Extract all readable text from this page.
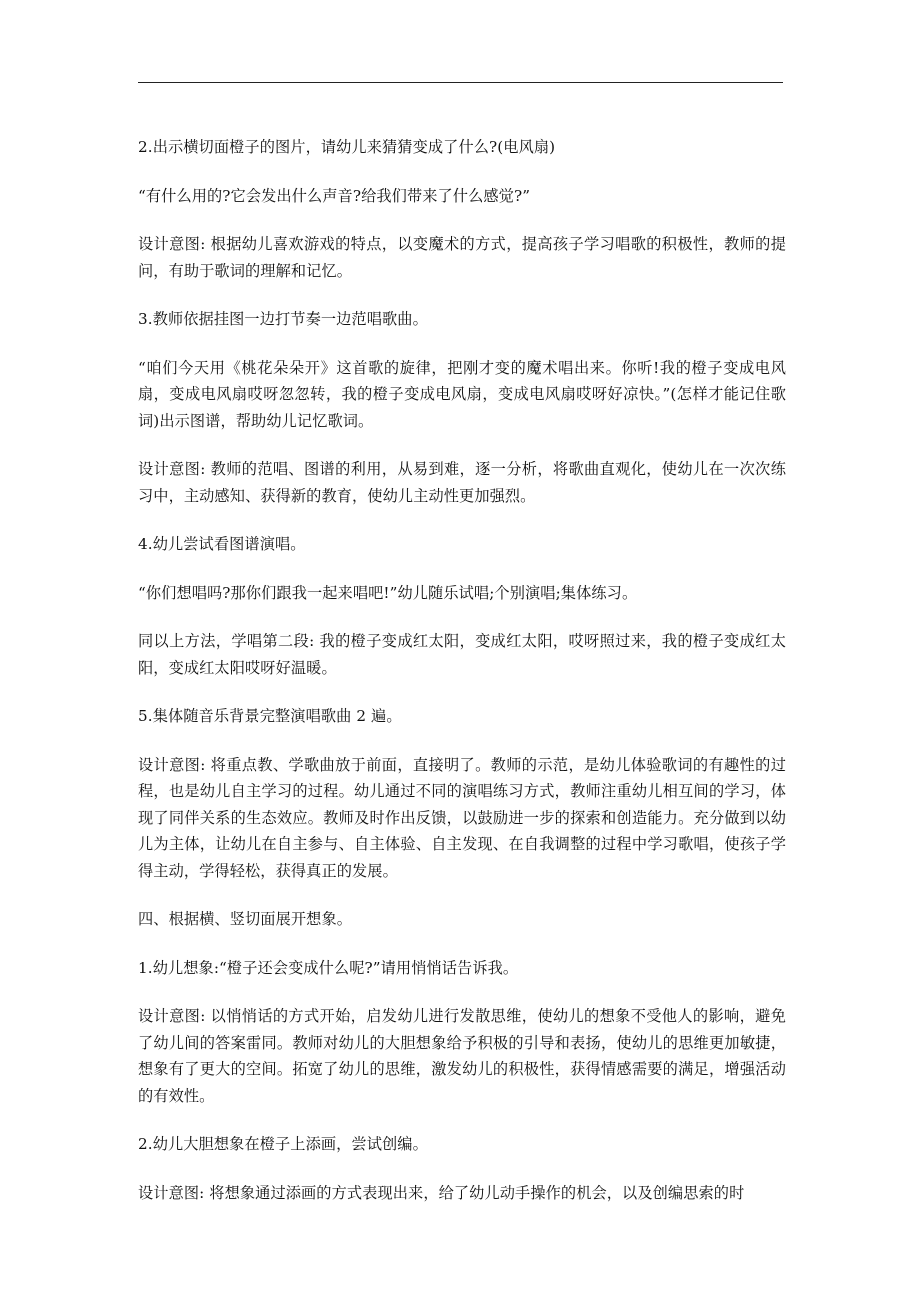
2.出示横切面橙子的图片，请幼儿来猜猜变成了什么?(电风扇)

“有什么用的?它会发出什么声音?给我们带来了什么感觉?”

设计意图: 根据幼儿喜欢游戏的特点，以变魔术的方式，提高孩子学习唱歌的积极性，教师的提问，有助于歌词的理解和记忆。

3.教师依据挂图一边打节奏一边范唱歌曲。

“咱们今天用《桃花朵朵开》这首歌的旋律，把刚才变的魔术唱出来。你听!我的橙子变成电风扇，变成电风扇哎呀忽忽转，我的橙子变成电风扇，变成电风扇哎呀好凉快。”(怎样才能记住歌词)出示图谱，帮助幼儿记忆歌词。

设计意图: 教师的范唱、图谱的利用，从易到难，逐一分析，将歌曲直观化，使幼儿在一次次练习中，主动感知、获得新的教育，使幼儿主动性更加强烈。

4.幼儿尝试看图谱演唱。

“你们想唱吗?那你们跟我一起来唱吧!”幼儿随乐试唱;个别演唱;集体练习。

同以上方法，学唱第二段: 我的橙子变成红太阳，变成红太阳，哎呀照过来，我的橙子变成红太阳，变成红太阳哎呀好温暖。

5.集体随音乐背景完整演唱歌曲 2 遍。

设计意图: 将重点教、学歌曲放于前面，直接明了。教师的示范，是幼儿体验歌词的有趣性的过程，也是幼儿自主学习的过程。幼儿通过不同的演唱练习方式，教师注重幼儿相互间的学习，体现了同伴关系的生态效应。教师及时作出反馈，以鼓励进一步的探索和创造能力。充分做到以幼儿为主体，让幼儿在自主参与、自主体验、自主发现、在自我调整的过程中学习歌唱，使孩子学得主动，学得轻松，获得真正的发展。

四、根据横、竖切面展开想象。

1.幼儿想象:“橙子还会变成什么呢?”请用悄悄话告诉我。

设计意图: 以悄悄话的方式开始，启发幼儿进行发散思维，使幼儿的想象不受他人的影响，避免了幼儿间的答案雷同。教师对幼儿的大胆想象给予积极的引导和表扬，使幼儿的思维更加敏捷，想象有了更大的空间。拓宽了幼儿的思维，激发幼儿的积极性，获得情感需要的满足，增强活动的有效性。

2.幼儿大胆想象在橙子上添画，尝试创编。

设计意图: 将想象通过添画的方式表现出来，给了幼儿动手操作的机会，以及创编思索的时
